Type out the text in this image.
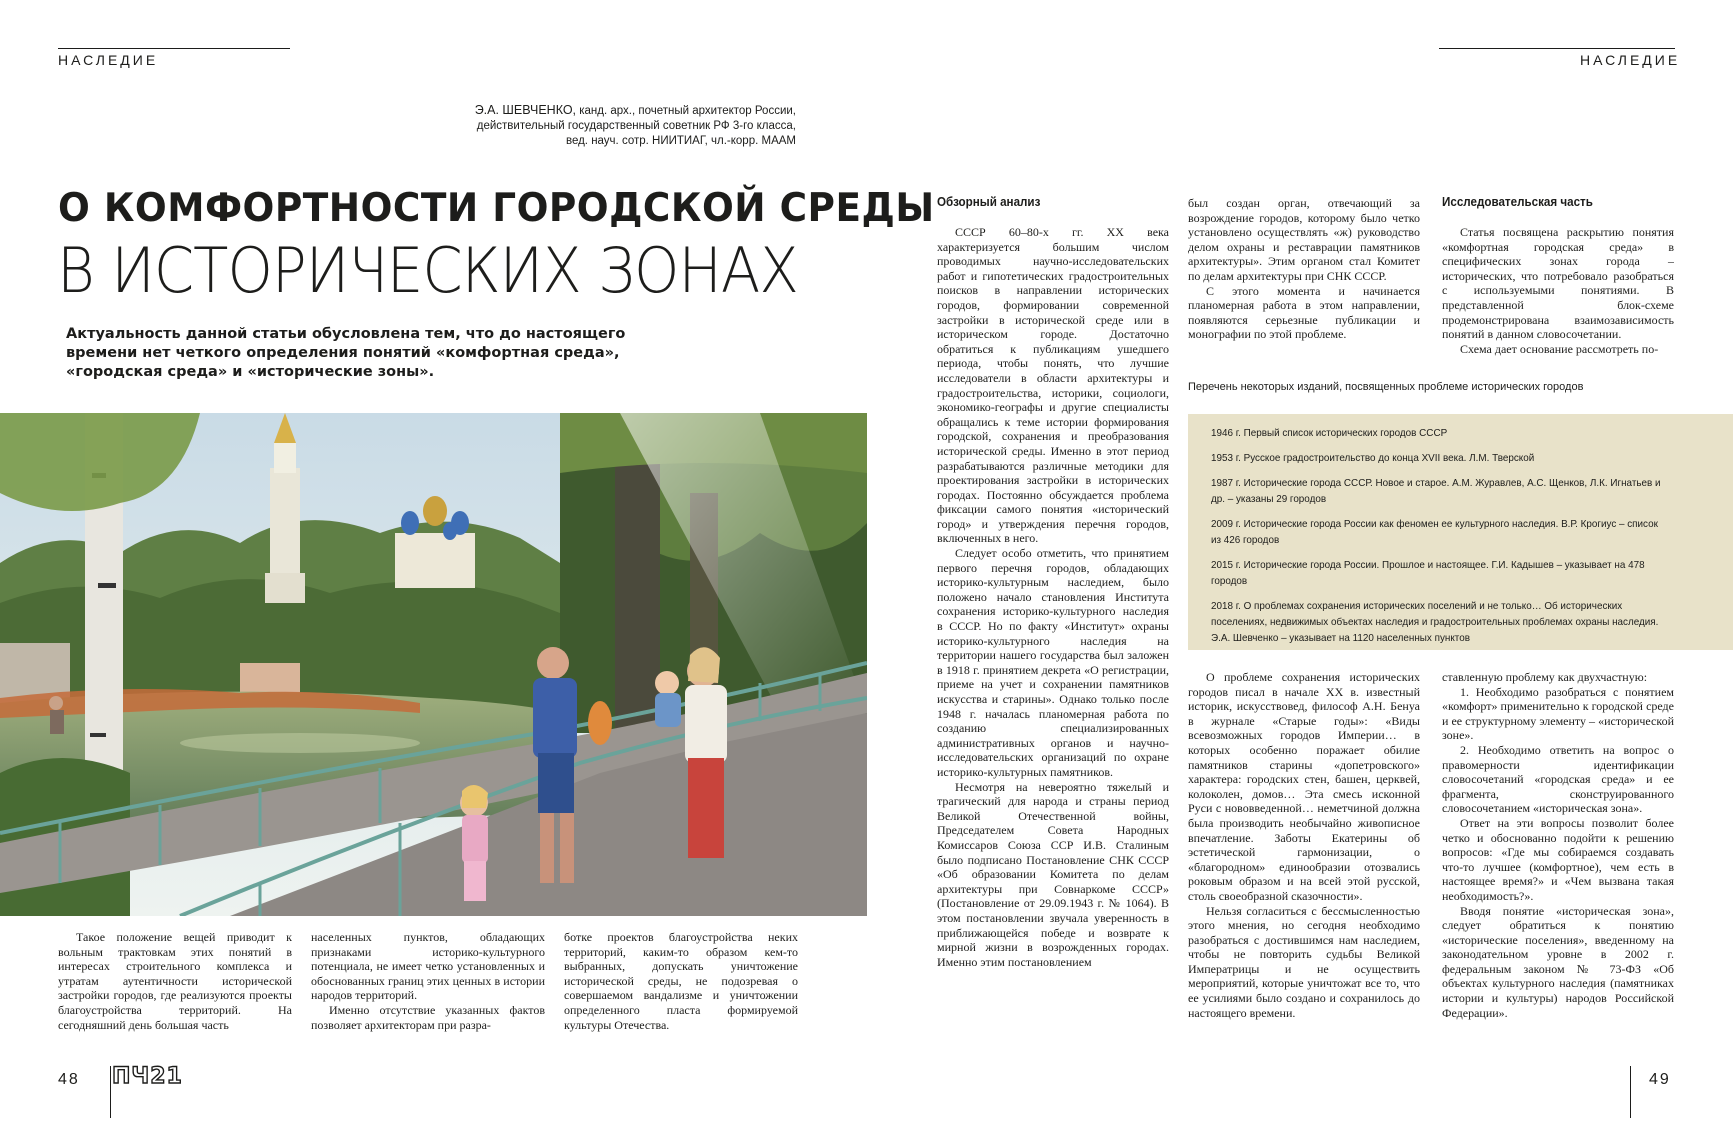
НАСЛЕДИЕ
Э.А. ШЕВЧЕНКО, канд. арх., почетный архитектор России,
действительный государственный советник РФ 3-го класса,
вед. науч. сотр. НИИТИАГ, чл.-корр. МААМ
О КОМФОРТНОСТИ ГОРОДСКОЙ СРЕДЫ
В ИСТОРИЧЕСКИХ ЗОНАХ
Актуальность данной статьи обусловлена тем, что до настоящего
времени нет четкого определения понятий «комфортная среда»,
«городская среда» и «исторические зоны».

Такое положение вещей приводит к вольным трактовкам этих понятий в интересах строительного комплекса и утратам аутентичности исторической застройки городов, где реализуются проекты благоустройства территорий. На сегодняшний день большая часть

населенных пунктов, обладающих признаками историко-культурного потенциала, не имеет четко установленных и обоснованных границ этих ценных в истории народов территорий.

Именно отсутствие указанных фактов позволяет архитекторам при разра-

ботке проектов благоустройства неких территорий, каким-то образом кем-то выбранных, допускать уничтожение исторической среды, не подозревая о совершаемом вандализме и уничтожении определенного пласта формируемой культуры Отечества.

48 ПЧ21
НАСЛЕДИЕ
Обзорный анализ

СССР 60–80-х гг. XX века характеризуется большим числом проводимых научно-исследовательских работ и гипотетических градостроительных поисков в направлении исторических городов, формировании современной застройки в исторической среде или в историческом городе. Достаточно обратиться к публикациям ушедшего периода, чтобы понять, что лучшие исследователи в области архитектуры и градостроительства, историки, социологи, экономико-географы и другие специалисты обращались к теме истории формирования городской, сохранения и преобразования исторической среды. Именно в этот период разрабатываются различные методики для проектирования застройки в исторических городах. Постоянно обсуждается проблема фиксации самого понятия «исторический город» и утверждения перечня городов, включенных в него.

Следует особо отметить, что принятием первого перечня городов, обладающих историко-культурным наследием, было положено начало становления Института сохранения историко-культурного наследия в СССР. Но по факту «Институт» охраны историко-культурного наследия на территории нашего государства был заложен в 1918 г. принятием декрета «О регистрации, приеме на учет и сохранении памятников искусства и старины». Однако только после 1948 г. началась планомерная работа по созданию специализированных административных органов и научно-исследовательских организаций по охране историко-культурных памятников.

Несмотря на невероятно тяжелый и трагический для народа и страны период Великой Отечественной войны, Председателем Совета Народных Комиссаров Союза ССР И.В. Сталиным было подписано Постановление СНК СССР «Об образовании Комитета по делам архитектуры при Совнаркоме СССР» (Постановление от 29.09.1943 г. № 1064). В этом постановлении звучала уверенность в приближающейся победе и возврате к мирной жизни в возрожденных городах. Именно этим постановлением

был создан орган, отвечающий за возрождение городов, которому было четко установлено осуществлять «ж) руководство делом охраны и реставрации памятников архитектуры». Этим органом стал Комитет по делам архитектуры при СНК СССР.

С этого момента и начинается планомерная работа в этом направлении, появляются серьезные публикации и монографии по этой проблеме.

Исследовательская часть

Статья посвящена раскрытию понятия «комфортная городская среда» в специфических зонах города – исторических, что потребовало разобраться с используемыми понятиями. В представленной блок-схеме продемонстрирована взаимозависимость понятий в данном словосочетании.

Схема дает основание рассмотреть по-

Перечень некоторых изданий, посвященных проблеме исторических городов
1946 г. Первый список исторических городов СССР
1953 г. Русское градостроительство до конца XVII века. Л.М. Тверской
1987 г. Исторические города СССР. Новое и старое. А.М. Журавлев, А.С. Щенков, Л.К. Игнатьев и др. – указаны 29 городов
2009 г. Исторические города России как феномен ее культурного наследия. В.Р. Крогиус – список из 426 городов
2015 г. Исторические города России. Прошлое и настоящее. Г.И. Кадышев – указывает на 478 городов
2018 г. О проблемах сохранения исторических поселений и не только… Об исторических поселениях, недвижимых объектах наследия и градостроительных проблемах охраны наследия. Э.А. Шевченко – указывает на 1120 населенных пунктов

О проблеме сохранения исторических городов писал в начале XX в. известный историк, искусствовед, философ А.Н. Бенуа в журнале «Старые годы»: «Виды всевозможных городов Империи… в которых особенно поражает обилие памятников старины «допетровского» характера: городских стен, башен, церквей, колоколен, домов… Эта смесь исконной Руси с нововведенной… неметчиной должна была производить необычайно живописное впечатление. Заботы Екатерины об эстетической гармонизации, о «благородном» единообразии отозвались роковым образом и на всей этой русской, столь своеобразной сказочности».

Нельзя согласиться с бессмысленностью этого мнения, но сегодня необходимо разобраться с достившимся нам наследием, чтобы не повторить судьбы Великой Императрицы и не осуществить мероприятий, которые уничтожат все то, что ее усилиями было создано и сохранилось до настоящего времени.

ставленную проблему как двухчастную:

1. Необходимо разобраться с понятием «комфорт» применительно к городской среде и ее структурному элементу – «исторической зоне».

2. Необходимо ответить на вопрос о правомерности идентификации словосочетаний «городская среда» и ее фрагмента, сконструированного словосочетанием «историческая зона».

Ответ на эти вопросы позволит более четко и обоснованно подойти к решению вопросов: «Где мы собираемся создавать что-то лучшее (комфортное), чем есть в настоящее время?» и «Чем вызвана такая необходимость?».

Вводя понятие «историческая зона», следует обратиться к понятию «исторические поселения», введенному на законодательном уровне в 2002 г. федеральным законом № 73-ФЗ «Об объектах культурного наследия (памятниках истории и культуры) народов Российской Федерации».

49
